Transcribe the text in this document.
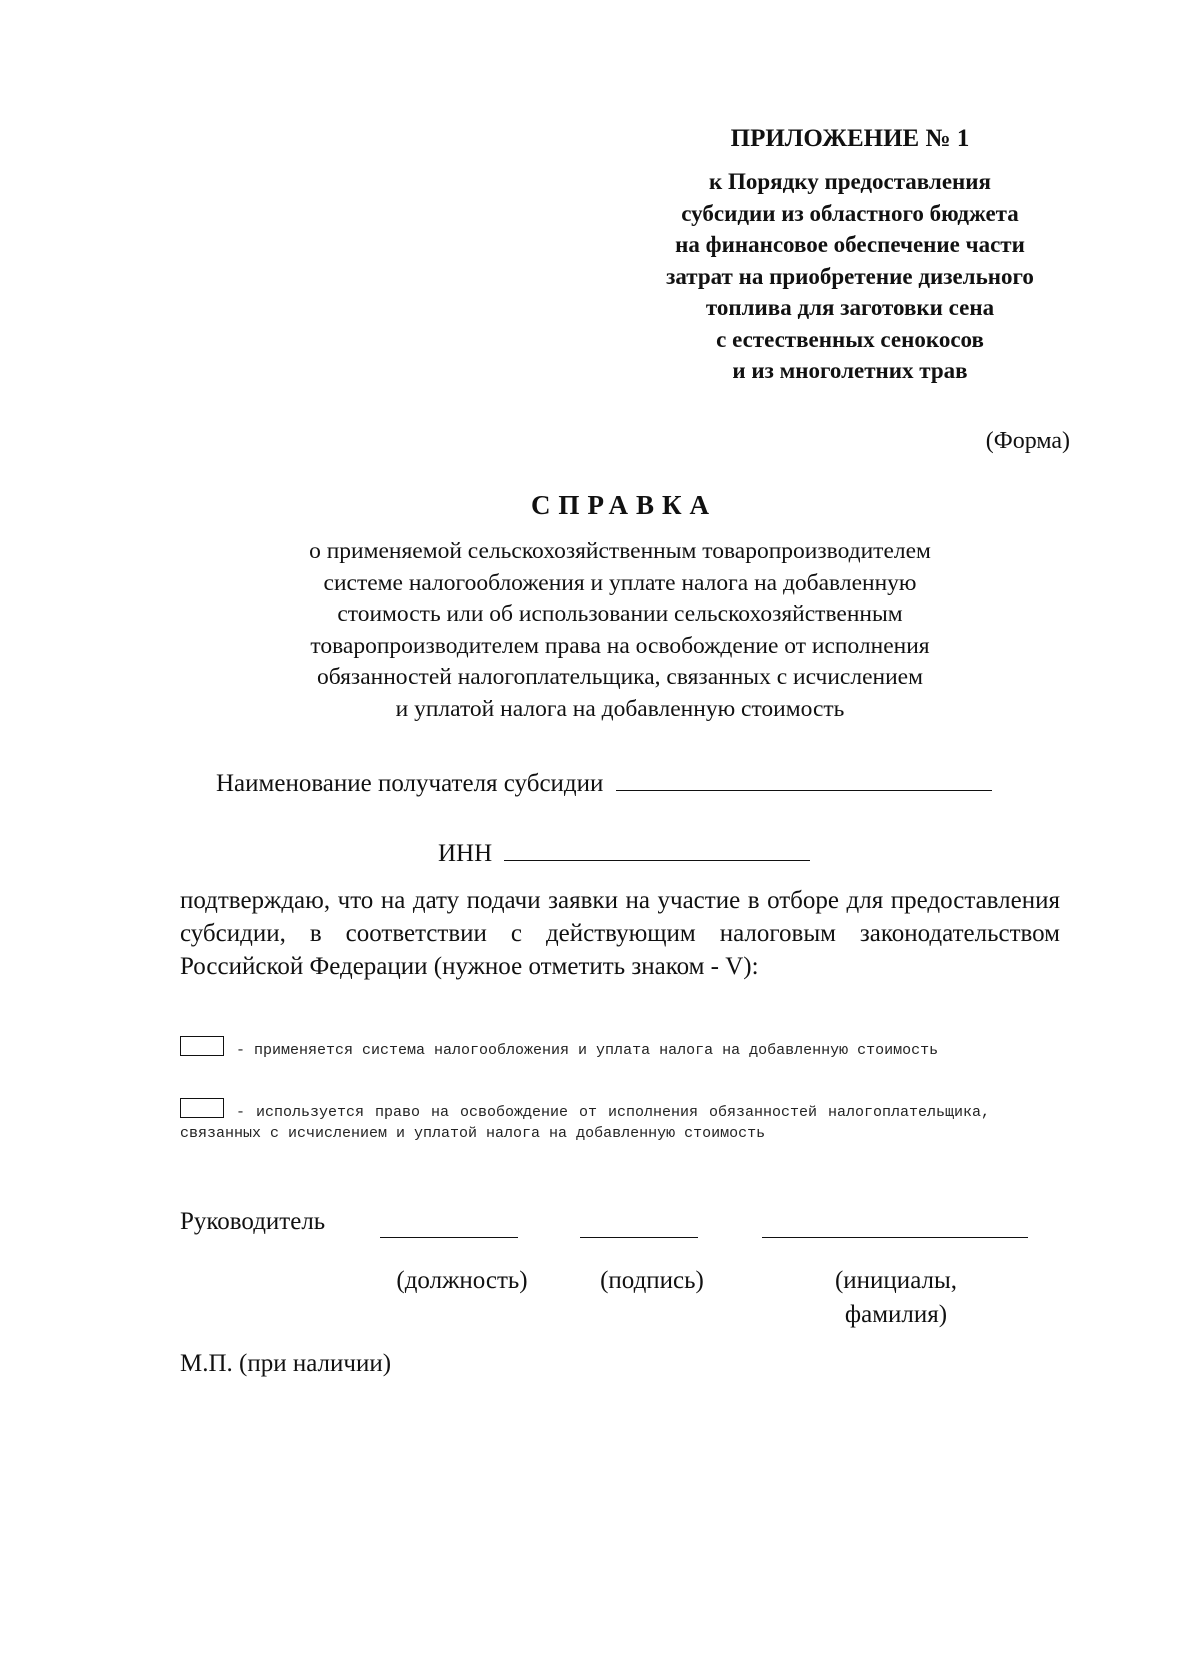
ПРИЛОЖЕНИЕ № 1
к Порядку предоставления
субсидии из областного бюджета
на финансовое обеспечение части
затрат на приобретение дизельного
топлива для заготовки сена
с естественных сенокосов
и из многолетних трав
(Форма)
СПРАВКА
о применяемой сельскохозяйственным товаропроизводителем
системе налогообложения и уплате налога на добавленную
стоимость или об использовании сельскохозяйственным
товаропроизводителем права на освобождение от исполнения
обязанностей налогоплательщика, связанных с исчислением
и уплатой налога на добавленную стоимость
Наименование получателя субсидии
ИНН
подтверждаю, что на дату подачи заявки на участие в отборе для предоставления субсидии, в соответствии с действующим налоговым законодательством Российской Федерации (нужное отметить знаком - V):
- применяется система налогообложения и уплата налога на добавленную стоимость
- используется право на освобождение от исполнения обязанностей налогоплательщика, связанных с исчислением и уплатой налога на добавленную стоимость
Руководитель
(должность)	(подпись)	(инициалы, фамилия)
М.П. (при наличии)
